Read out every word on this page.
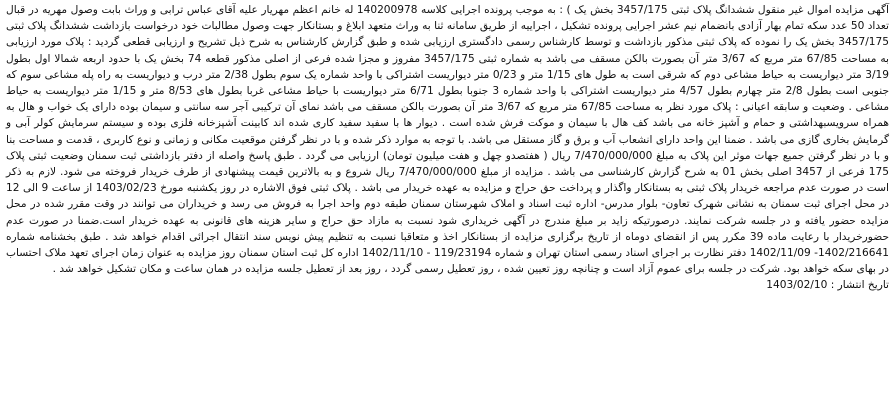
آگهی مزایده اموال غیر منقول ششدانگ پلاک ثبتی 3457/175 بخش یک ) : به موجب پرونده اجرایی کلاسه 140200978 له خانم اعظم مهریار علیه آقای عباس ترابی و وراث بابت وصول مهریه در قبال تعداد 50 عدد سکه تمام بهار آزادی بانضمام نیم عشر اجرایی پرونده تشکیل ، اجراییه از طریق سامانه ثنا به وراث متعهد ابلاغ و بستانکار جهت وصول مطالبات خود درخواست بازداشت ششدانگ پلاک ثبتی 3457/175 بخش یک را نموده که پلاک ثبتی مذکور بازداشت و توسط کارشناس رسمی دادگستری ارزیابی شده و طبق گزارش کارشناس به شرح ذیل تشریح و ارزیابی قطعی گردید : پلاک مورد ارزیابی به مساحت 67/85 متر مربع که 3/67 متر آن بصورت بالکن مسقف می باشد به شماره ثبتی 3457/175 مفروز و مجزا شده فرعی از اصلی مذکور قطعه 74 بخش یک با حدود اربعه شمالا اول بطول 3/19 متر دیواریست به حیاط مشاعی دوم که شرقی است به طول های 1/15 متر و 0/23 متر دیواریست اشتراکی با واحد شماره یک سوم بطول 2/38 متر درب و دیواریست به راه پله مشاعی سوم که جنوبی است بطول 2/8 متر چهارم بطول 4/57 متر دیواریست اشتراکی با واحد شماره 3 جنوبا بطول 6/71 متر دیواریست با حیاط مشاعی غربا بطول های 8/53 متر و 1/15 متر دیواریست به حیاط مشاعی . وضعیت و سابقه اعیانی : پلاک مورد نظر به مساحت 67/85 متر مربع که 3/67 متر آن بصورت بالکن مسقف می باشد نمای آن ترکیبی آجر سه سانتی و سیمان بوده دارای یک خواب و هال به همراه سرویسبهداشتی و حمام و آشپز خانه می باشد کف هال با سیمان و موکت فرش شده است . دیوار ها با سفید سفید کاری شده اند کابینت آشپزخانه فلزی بوده و سیستم سرمایش کولر آبی و گرمایش بخاری گازی می باشد . ضمنا این واحد دارای انشعاب آب و برق و گاز مستقل می باشد. با توجه به موارد ذکر شده و با در نظر گرفتن موقعیت مکانی و زمانی و نوع کاربری ، قدمت و مساحت بنا و با در نظر گرفتن جمیع جهات موثر این پلاک به مبلغ 7/470/000/000 ریال ( هفتصدو چهل و هفت میلیون تومان) ارزیابی می گردد . طبق پاسخ واصله از دفتر بازداشتی ثبت سمنان وضعیت ثبتی پلاک 175 فرعی از 3457 اصلی بخش 01 به شرح گزارش کارشناسی می باشد . مزایده از مبلغ 7/470/000/000 ریال شروع و به بالاترین قیمت پیشنهادی از طرف خریدار فروخته می شود. لازم به ذکر است در صورت عدم مراجعه خریدار پلاک ثبتی به بستانکار واگذار و پرداخت حق حراج و مزایده به عهده خریدار می باشد . پلاک ثبتی فوق الاشاره در روز یکشنبه مورخ 1403/02/23 از ساعت 9 الی 12 در محل اجرای ثبت سمنان به نشانی شهرک تعاون- بلوار مدرس- اداره ثبت اسناد و املاک شهرستان سمنان طبقه دوم واحد اجرا به فروش می رسد و خریداران می توانند در وقت مقرر شده در محل مزایده حضور یافته و در جلسه شرکت نمایند. درصورتیکه زاید بر مبلغ مندرج در آگهی خریداری شود نسبت به مازاد حق حراج و سایر هزینه های قانونی به عهده خریدار است.ضمنا در صورت عدم حضورخریدار با رعایت ماده 39 مکرر پس از انقضای دوماه از تاریخ برگزاری مزایده از بستانکار اخذ و متعاقبا نسبت به تنظیم پیش نویس سند انتقال اجرائی اقدام خواهد شد . طبق بخشنامه شماره 1402/216641- 1402/11/09 دفتر نظارت بر اجرای اسناد رسمی استان تهران و شماره 119/23194 - 1402/11/10 اداره کل ثبت استان سمنان روز مزایده به عنوان زمان اجرای تعهد ملاک احتساب در بهای سکه خواهد بود. شرکت در جلسه برای عموم آزاد است و چنانچه روز تعیین شده ، روز تعطیل رسمی گردد ، روز بعد از تعطیل جلسه مزایده در همان ساعت و مکان تشکیل خواهد شد .

تاریخ انتشار : 1403/02/10
